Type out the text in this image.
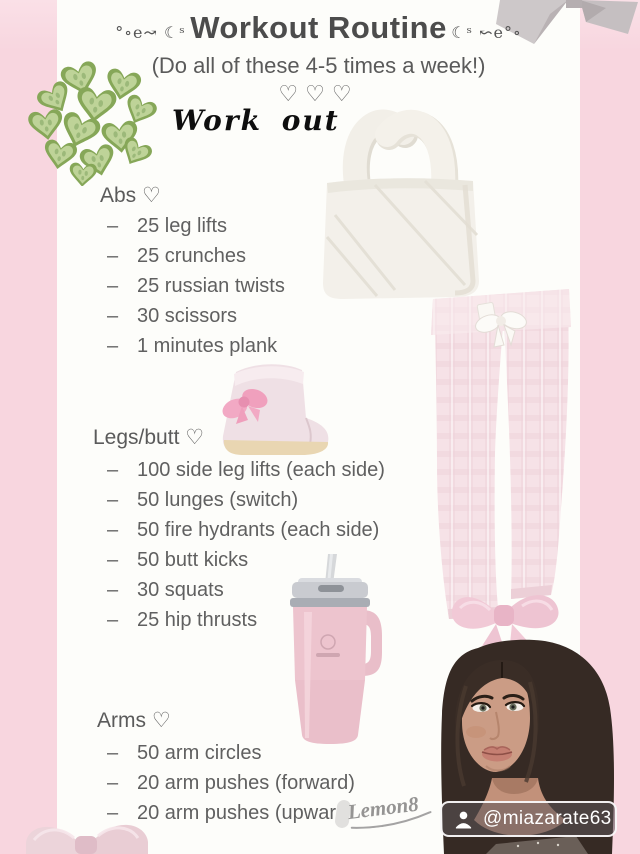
°∘e↝ ☾ˢ Workout Routine ☾ˢ ↜e°∘
(Do all of these 4-5 times a week!)
♡♡♡
Work out
Abs ♡
– 25 leg lifts
– 25 crunches
– 25 russian twists
– 30 scissors
– 1 minutes plank
Legs/butt ♡
– 100 side leg lifts (each side)
– 50 lunges (switch)
– 50 fire hydrants (each side)
– 50 butt kicks
– 30 squats
– 25 hip thrusts
Arms ♡
– 50 arm circles
– 20 arm pushes (forward)
– 20 arm pushes (upwar Lemon8	@miazarate63
